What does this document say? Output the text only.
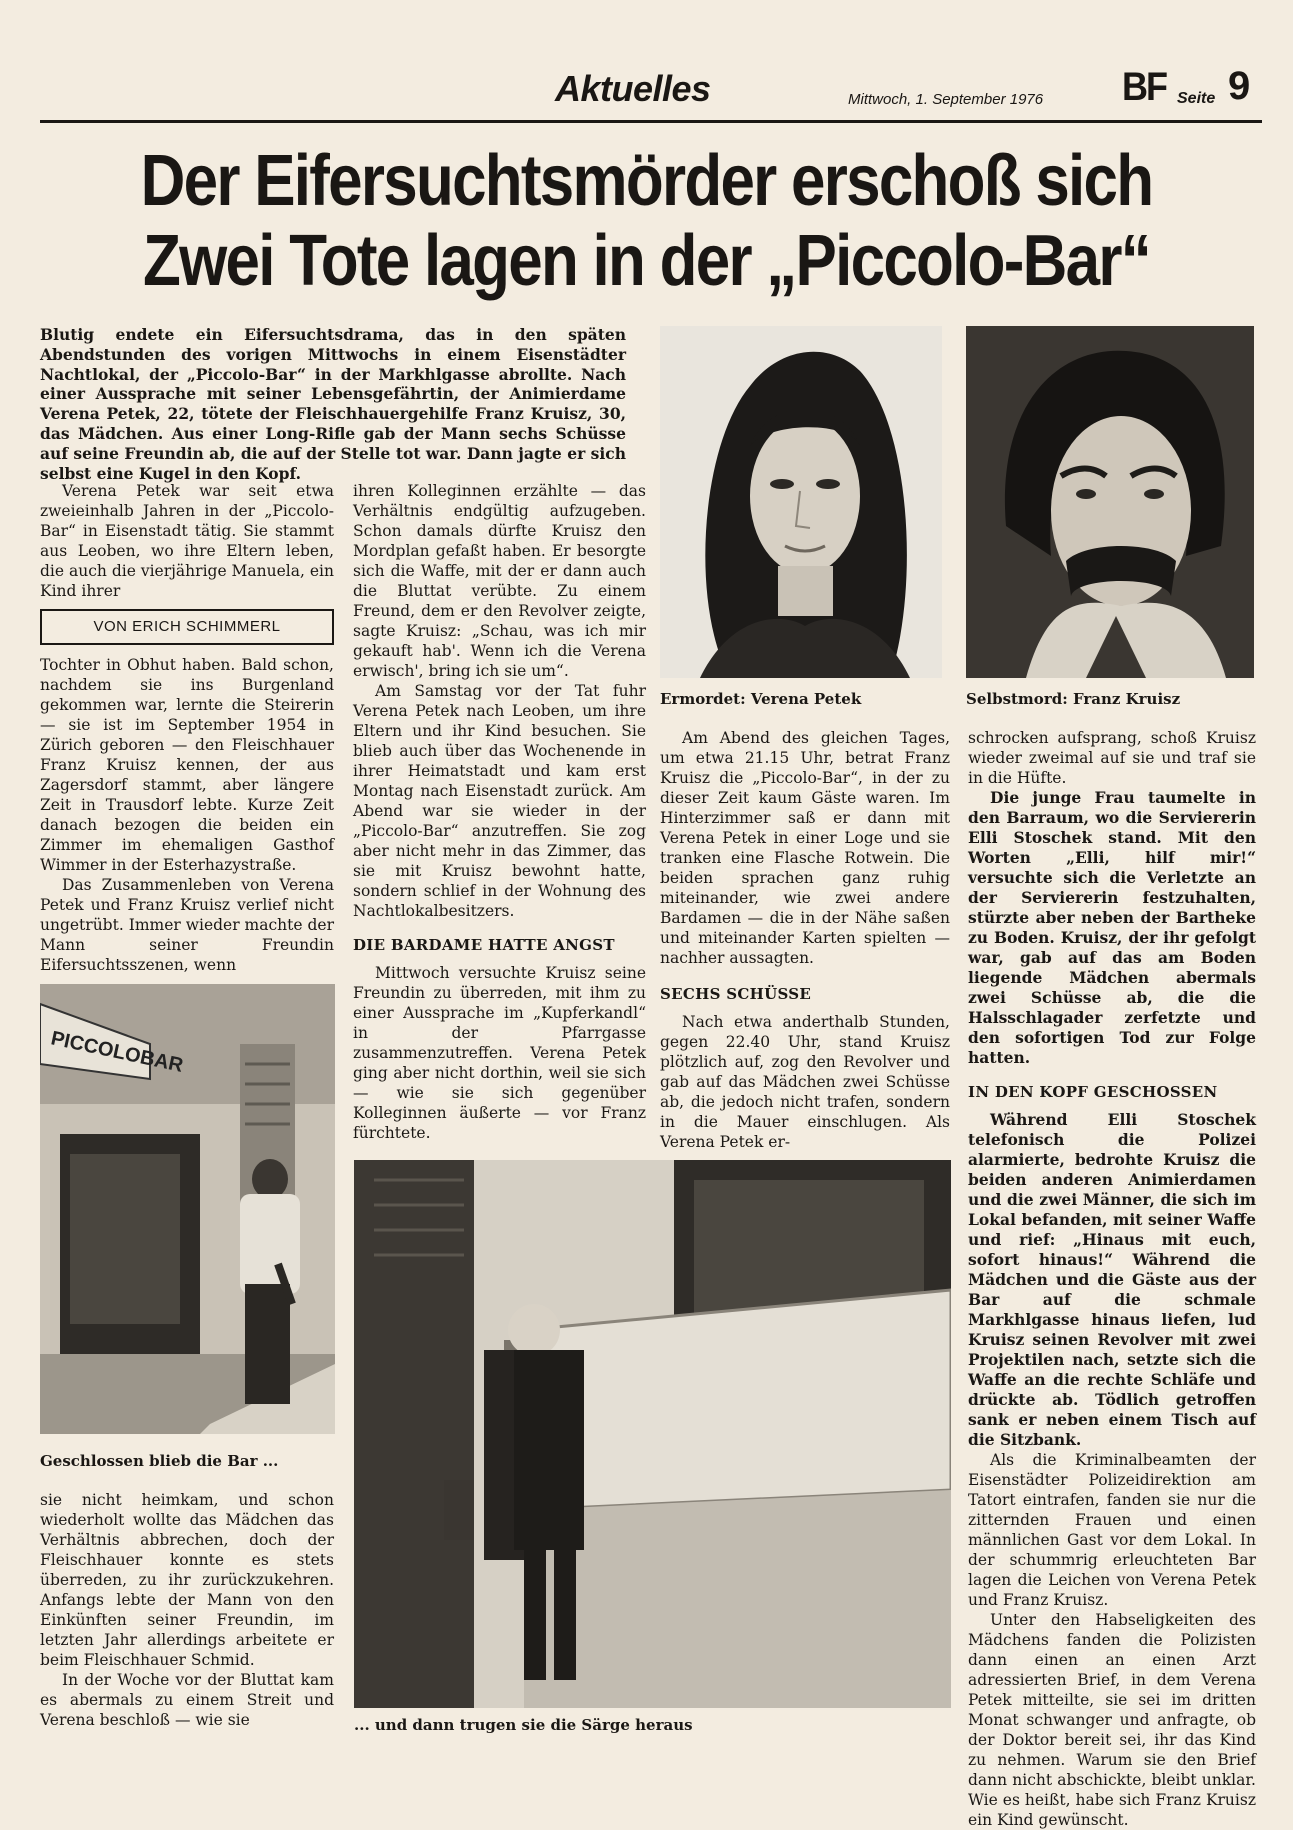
Aktuelles	Mittwoch, 1. September 1976 BF Seite 9
Der Eifersuchtsmörder erschoß sich
Zwei Tote lagen in der „Piccolo-Bar“
Blutig endete ein Eifersuchtsdrama, das in den späten Abendstunden des vorigen Mittwochs in einem Eisenstädter Nachtlokal, der „Piccolo-Bar“ in der Markhlgasse abrollte. Nach einer Aussprache mit seiner Lebensgefährtin, der Animierdame Verena Petek, 22, tötete der Fleischhauergehilfe Franz Kruisz, 30, das Mädchen. Aus einer Long-Rifle gab der Mann sechs Schüsse auf seine Freundin ab, die auf der Stelle tot war. Dann jagte er sich selbst eine Kugel in den Kopf.

Verena Petek war seit etwa zweieinhalb Jahren in der „Piccolo-Bar“ in Eisenstadt tätig. Sie stammt aus Leoben, wo ihre Eltern leben, die auch die vierjährige Manuela, ein Kind ihrer

VON ERICH SCHIMMERL

Tochter in Obhut haben. Bald schon, nachdem sie ins Burgenland gekommen war, lernte die Steirerin — sie ist im September 1954 in Zürich geboren — den Fleischhauer Franz Kruisz kennen, der aus Zagersdorf stammt, aber längere Zeit in Trausdorf lebte. Kurze Zeit danach bezogen die beiden ein Zimmer im ehemaligen Gasthof Wimmer in der Esterhazystraße.

Das Zusammenleben von Verena Petek und Franz Kruisz verlief nicht ungetrübt. Immer wieder machte der Mann seiner Freundin Eifersuchtsszenen, wenn

PICCOLOBAR
Geschlossen blieb die Bar ...

sie nicht heimkam, und schon wiederholt wollte das Mädchen das Verhältnis abbrechen, doch der Fleischhauer konnte es stets überreden, zu ihr zurückzukehren. Anfangs lebte der Mann von den Einkünften seiner Freundin, im letzten Jahr allerdings arbeitete er beim Fleischhauer Schmid.

In der Woche vor der Bluttat kam es abermals zu einem Streit und Verena beschloß — wie sie

ihren Kolleginnen erzählte — das Verhältnis endgültig aufzugeben. Schon damals dürfte Kruisz den Mordplan gefaßt haben. Er besorgte sich die Waffe, mit der er dann auch die Bluttat verübte. Zu einem Freund, dem er den Revolver zeigte, sagte Kruisz: „Schau, was ich mir gekauft hab'. Wenn ich die Verena erwisch', bring ich sie um“.

Am Samstag vor der Tat fuhr Verena Petek nach Leoben, um ihre Eltern und ihr Kind besuchen. Sie blieb auch über das Wochenende in ihrer Heimatstadt und kam erst Montag nach Eisenstadt zurück. Am Abend war sie wieder in der „Piccolo-Bar“ anzutreffen. Sie zog aber nicht mehr in das Zimmer, das sie mit Kruisz bewohnt hatte, sondern schlief in der Wohnung des Nachtlokalbesitzers.

DIE BARDAME HATTE ANGST

Mittwoch versuchte Kruisz seine Freundin zu überreden, mit ihm zu einer Aussprache im „Kupferkandl“ in der Pfarrgasse zusammenzutreffen. Verena Petek ging aber nicht dorthin, weil sie sich — wie sie sich gegenüber Kolleginnen äußerte — vor Franz fürchtete.

Ermordet: Verena Petek	Selbstmord: Franz Kruisz

Am Abend des gleichen Tages, um etwa 21.15 Uhr, betrat Franz Kruisz die „Piccolo-Bar“, in der zu dieser Zeit kaum Gäste waren. Im Hinterzimmer saß er dann mit Verena Petek in einer Loge und sie tranken eine Flasche Rotwein. Die beiden sprachen ganz ruhig miteinander, wie zwei andere Bardamen — die in der Nähe saßen und miteinander Karten spielten — nachher aussagten.

SECHS SCHÜSSE

Nach etwa anderthalb Stunden, gegen 22.40 Uhr, stand Kruisz plötzlich auf, zog den Revolver und gab auf das Mädchen zwei Schüsse ab, die jedoch nicht trafen, sondern in die Mauer einschlugen. Als Verena Petek er-

schrocken aufsprang, schoß Kruisz wieder zweimal auf sie und traf sie in die Hüfte.

Die junge Frau taumelte in den Barraum, wo die Serviererin Elli Stoschek stand. Mit den Worten „Elli, hilf mir!“ versuchte sich die Verletzte an der Serviererin festzuhalten, stürzte aber neben der Bartheke zu Boden. Kruisz, der ihr gefolgt war, gab auf das am Boden liegende Mädchen abermals zwei Schüsse ab, die die Halsschlagader zerfetzte und den sofortigen Tod zur Folge hatten.

IN DEN KOPF GESCHOSSEN

Während Elli Stoschek telefonisch die Polizei alarmierte, bedrohte Kruisz die beiden anderen Animierdamen und die zwei Männer, die sich im Lokal befanden, mit seiner Waffe und rief: „Hinaus mit euch, sofort hinaus!“ Während die Mädchen und die Gäste aus der Bar auf die schmale Markhlgasse hinaus liefen, lud Kruisz seinen Revolver mit zwei Projektilen nach, setzte sich die Waffe an die rechte Schläfe und drückte ab. Tödlich getroffen sank er neben einem Tisch auf die Sitzbank.

Als die Kriminalbeamten der Eisenstädter Polizeidirektion am Tatort eintrafen, fanden sie nur die zitternden Frauen und einen männlichen Gast vor dem Lokal. In der schummrig erleuchteten Bar lagen die Leichen von Verena Petek und Franz Kruisz.

Unter den Habseligkeiten des Mädchens fanden die Polizisten dann einen an einen Arzt adressierten Brief, in dem Verena Petek mitteilte, sie sei im dritten Monat schwanger und anfragte, ob der Doktor bereit sei, ihr das Kind zu nehmen. Warum sie den Brief dann nicht abschickte, bleibt unklar. Wie es heißt, habe sich Franz Kruisz ein Kind gewünscht.

... und dann trugen sie die Särge heraus
